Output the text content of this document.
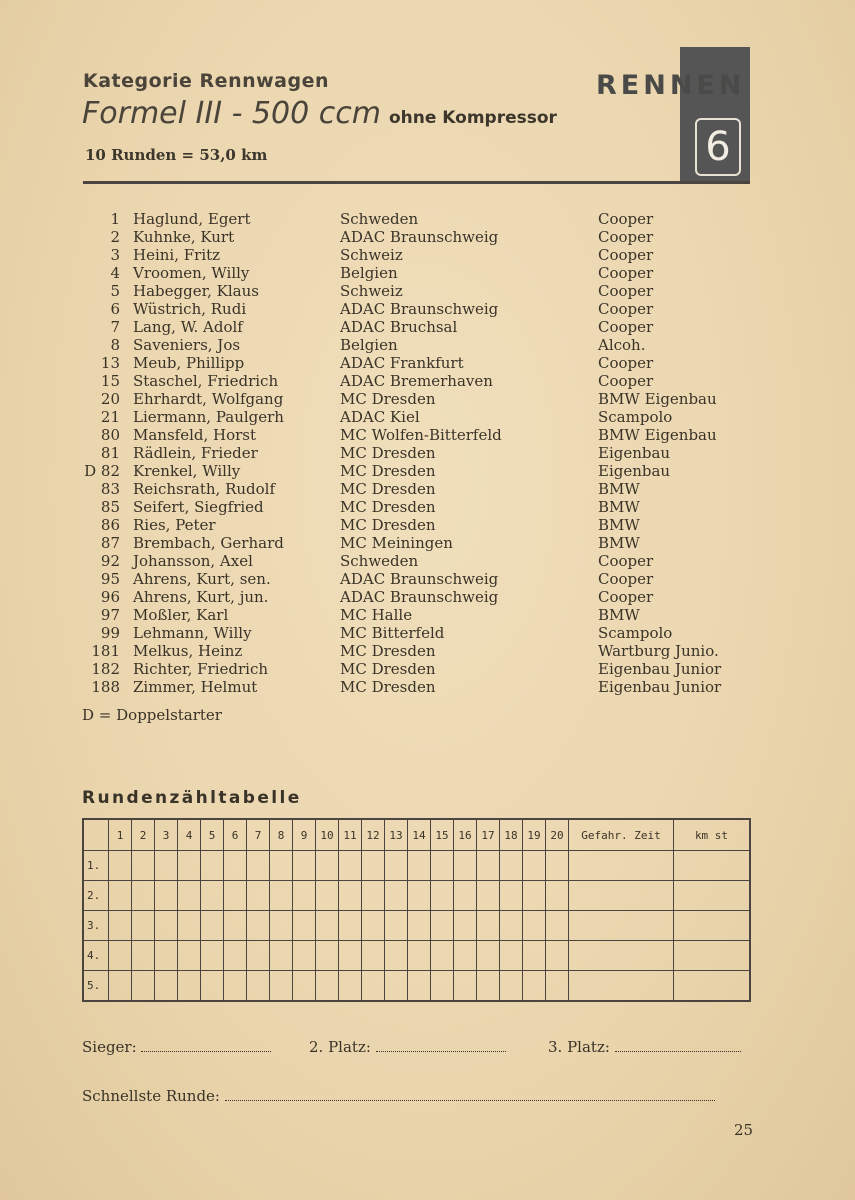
Kategorie Rennwagen
Formel III - 500 ccm ohne Kompressor
10 Runden = 53,0 km
RENNEN
6
1 Haglund, Egert	Schweden	Cooper
2 Kuhnke, Kurt	ADAC Braunschweig	Cooper
3 Heini, Fritz	Schweiz	Cooper
4 Vroomen, Willy	Belgien	Cooper
5 Habegger, Klaus	Schweiz	Cooper
6 Wüstrich, Rudi	ADAC Braunschweig	Cooper
7 Lang, W. Adolf	ADAC Bruchsal	Cooper
8 Saveniers, Jos	Belgien	Alcoh.
13 Meub, Phillipp	ADAC Frankfurt	Cooper
15 Staschel, Friedrich	ADAC Bremerhaven	Cooper
20 Ehrhardt, Wolfgang	MC Dresden	BMW Eigenbau
21 Liermann, Paulgerh	ADAC Kiel	Scampolo
80 Mansfeld, Horst	MC Wolfen-Bitterfeld	BMW Eigenbau
81 Rädlein, Frieder	MC Dresden	Eigenbau
D 82 Krenkel, Willy	MC Dresden	Eigenbau
83 Reichsrath, Rudolf	MC Dresden	BMW
85 Seifert, Siegfried	MC Dresden	BMW
86 Ries, Peter	MC Dresden	BMW
87 Brembach, Gerhard	MC Meiningen	BMW
92 Johansson, Axel	Schweden	Cooper
95 Ahrens, Kurt, sen.	ADAC Braunschweig	Cooper
96 Ahrens, Kurt, jun.	ADAC Braunschweig	Cooper
97 Moßler, Karl	MC Halle	BMW
99 Lehmann, Willy	MC Bitterfeld	Scampolo
181 Melkus, Heinz	MC Dresden	Wartburg Junio.
182 Richter, Friedrich	MC Dresden	Eigenbau Junior
188 Zimmer, Helmut	MC Dresden	Eigenbau Junior
D = Doppelstarter
Rundenzähltabelle
	1	2	3	4	5	6	7	8	9	10	11	12	13	14	15	16	17	18	19	20	Gefahr. Zeit	km st
1.																						
2.																						
3.																						
4.																						
5.																						
Sieger:	2. Platz:	3. Platz:
Schnellste Runde:
25
